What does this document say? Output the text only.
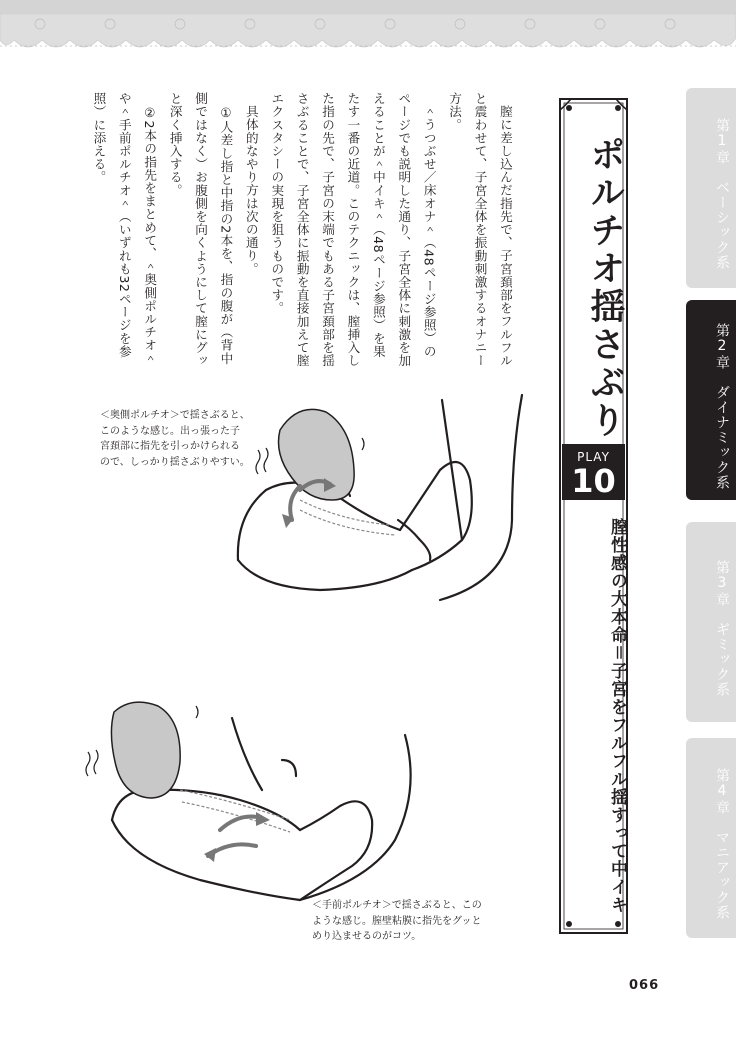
膣に差し込んだ指先で、子宮頚部をフルフルと震わせて、子宮全体を振動刺激するオナニー方法。

＾うつぶせ／床オナ＾（48ページ参照）のページでも説明した通り、子宮全体に刺激を加えることが＾中イキ＾（48ページ参照）を果たす一番の近道。このテクニックは、膣挿入した指の先で、子宮の末端でもある子宮頚部を揺さぶることで、子宮全体に振動を直接加えて膣エクスタシーの実現を狙うものです。

具体的なやり方は次の通り。

①人差し指と中指の2本を、指の腹が（背中側ではなく）お腹側を向くようにして膣にグッと深く挿入する。

②2本の指先をまとめて、＾奥側ポルチオ＾や＾手前ポルチオ＾（いずれも32ページを参照）に添える。	ポルチオ揺さぶり
PLAY
10
膣性感の大本命＝子宮をフルフル揺すって中イキ
第1章　ベーシック系
第2章　ダイナミック系
第3章　ギミック系
第4章　マニアック系
＜奥側ポルチオ＞で揺さぶると、
このような感じ。出っ張った子
宮頚部に指先を引っかけられる
ので、しっかり揺さぶりやすい。
＜手前ポルチオ＞で揺さぶると、この
ような感じ。膣壁粘膜に指先をグッと
めり込ませるのがコツ。
066
